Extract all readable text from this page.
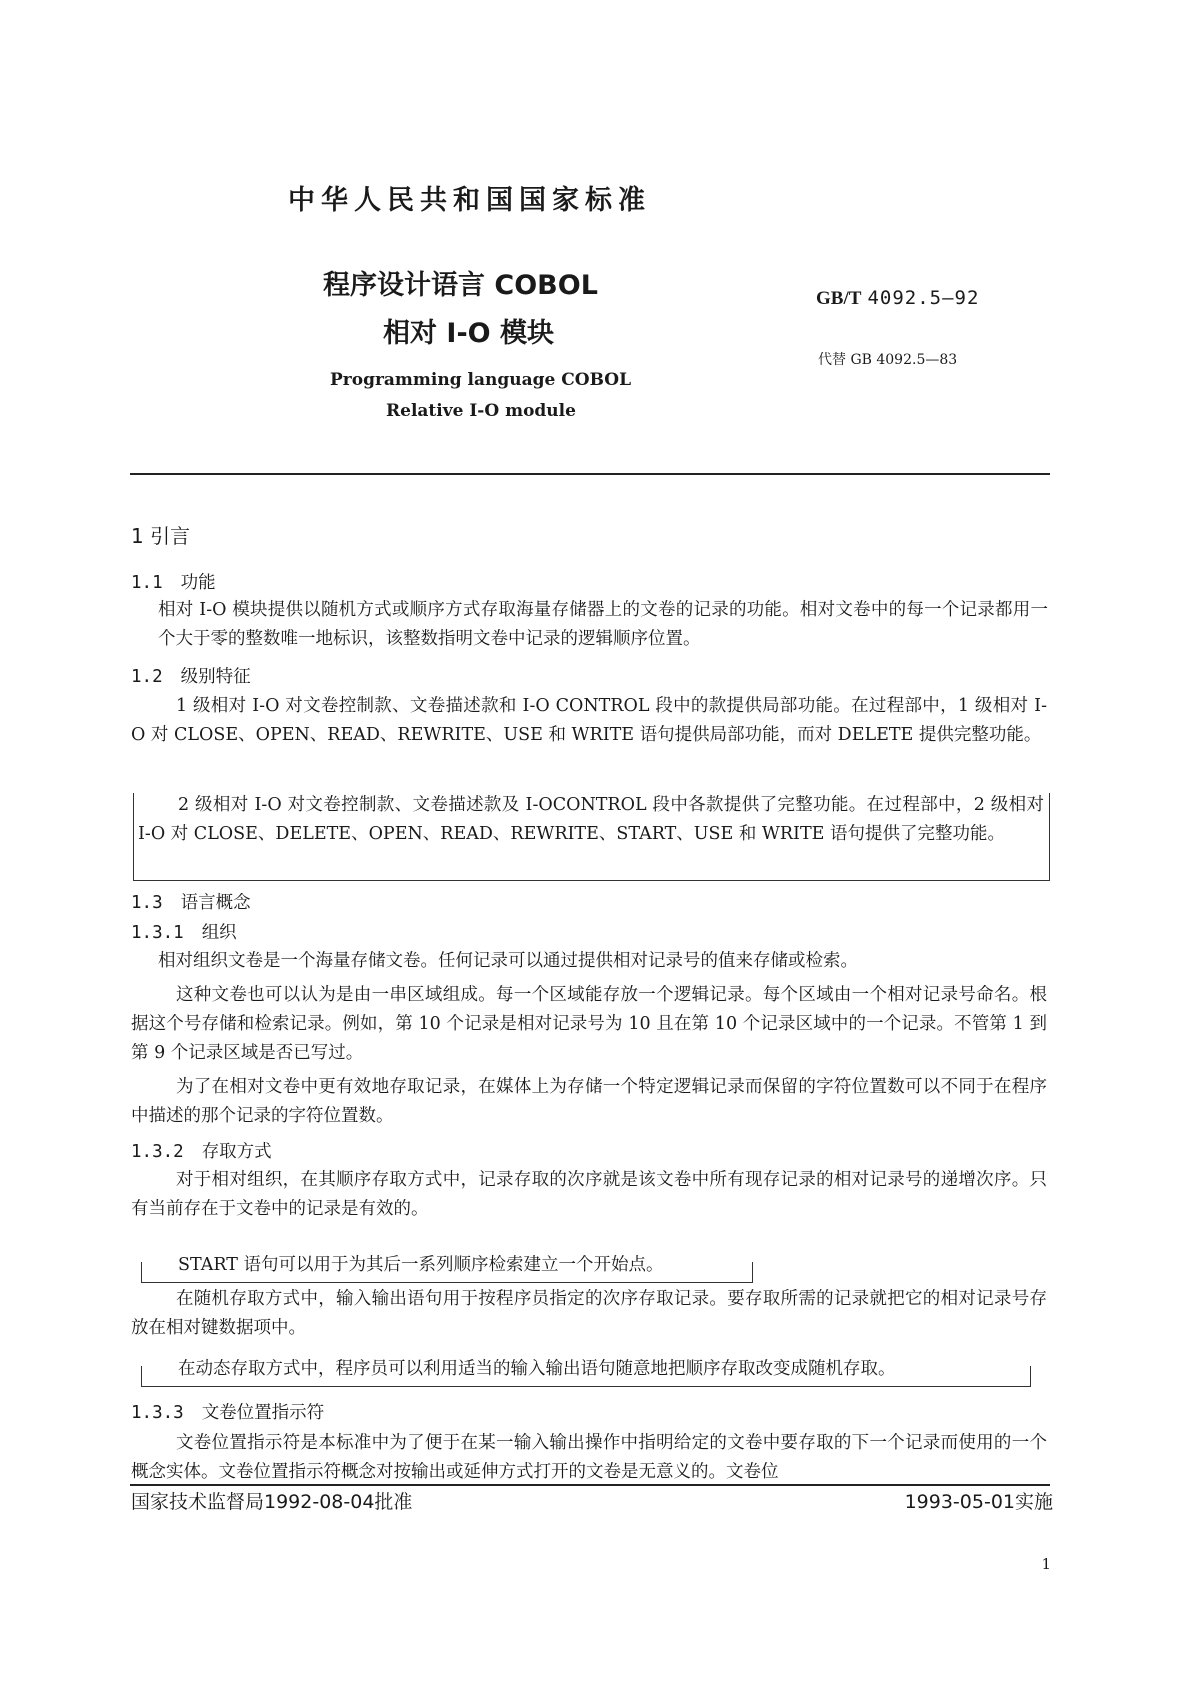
中华人民共和国国家标准
程序设计语言 COBOL
相对 I-O 模块
Programming language COBOL
Relative I-O module
GB/T 4092.5—92
代替 GB 4092.5—83
1 引言
1.1 功能

相对 I-O 模块提供以随机方式或顺序方式存取海量存储器上的文卷的记录的功能。相对文卷中的每一个记录都用一个大于零的整数唯一地标识，该整数指明文卷中记录的逻辑顺序位置。

1.2 级别特征

1 级相对 I-O 对文卷控制款、文卷描述款和 I-O CONTROL 段中的款提供局部功能。在过程部中，1 级相对 I-O 对 CLOSE、OPEN、READ、REWRITE、USE 和 WRITE 语句提供局部功能，而对 DELETE 提供完整功能。

2 级相对 I-O 对文卷控制款、文卷描述款及 I-OCONTROL 段中各款提供了完整功能。在过程部中，2 级相对 I-O 对 CLOSE、DELETE、OPEN、READ、REWRITE、START、USE 和 WRITE 语句提供了完整功能。

1.3 语言概念
1.3.1 组织

相对组织文卷是一个海量存储文卷。任何记录可以通过提供相对记录号的值来存储或检索。

这种文卷也可以认为是由一串区域组成。每一个区域能存放一个逻辑记录。每个区域由一个相对记录号命名。根据这个号存储和检索记录。例如，第 10 个记录是相对记录号为 10 且在第 10 个记录区域中的一个记录。不管第 1 到第 9 个记录区域是否已写过。

为了在相对文卷中更有效地存取记录，在媒体上为存储一个特定逻辑记录而保留的字符位置数可以不同于在程序中描述的那个记录的字符位置数。

1.3.2 存取方式

对于相对组织，在其顺序存取方式中，记录存取的次序就是该文卷中所有现存记录的相对记录号的递增次序。只有当前存在于文卷中的记录是有效的。

START 语句可以用于为其后一系列顺序检索建立一个开始点。

在随机存取方式中，输入输出语句用于按程序员指定的次序存取记录。要存取所需的记录就把它的相对记录号存放在相对键数据项中。

在动态存取方式中，程序员可以利用适当的输入输出语句随意地把顺序存取改变成随机存取。

1.3.3 文卷位置指示符

文卷位置指示符是本标准中为了便于在某一输入输出操作中指明给定的文卷中要存取的下一个记录而使用的一个概念实体。文卷位置指示符概念对按输出或延伸方式打开的文卷是无意义的。文卷位

国家技术监督局1992-08-04批准	1993-05-01实施
1
